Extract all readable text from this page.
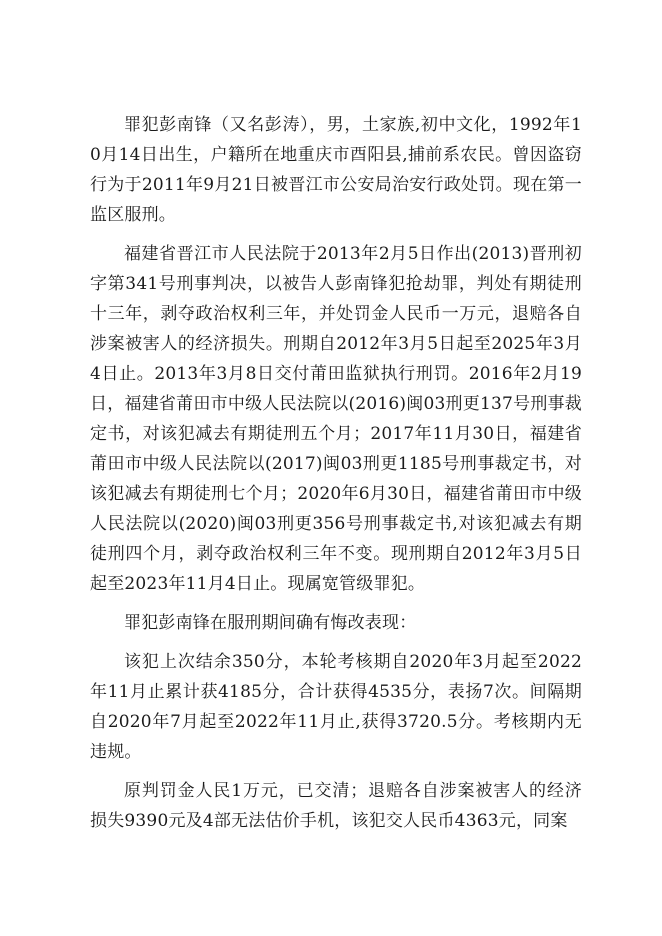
罪犯彭南锋（又名彭涛），男，土家族,初中文化，1992年10月14日出生，户籍所在地重庆市酉阳县,捕前系农民。曾因盗窃行为于2011年9月21日被晋江市公安局治安行政处罚。现在第一监区服刑。

福建省晋江市人民法院于2013年2月5日作出(2013)晋刑初字第341号刑事判决，以被告人彭南锋犯抢劫罪，判处有期徒刑十三年，剥夺政治权利三年，并处罚金人民币一万元，退赔各自涉案被害人的经济损失。刑期自2012年3月5日起至2025年3月4日止。2013年3月8日交付莆田监狱执行刑罚。2016年2月19日，福建省莆田市中级人民法院以(2016)闽03刑更137号刑事裁定书，对该犯减去有期徒刑五个月；2017年11月30日，福建省莆田市中级人民法院以(2017)闽03刑更1185号刑事裁定书，对该犯减去有期徒刑七个月；2020年6月30日，福建省莆田市中级人民法院以(2020)闽03刑更356号刑事裁定书,对该犯减去有期徒刑四个月，剥夺政治权利三年不变。现刑期自2012年3月5日起至2023年11月4日止。现属宽管级罪犯。

罪犯彭南锋在服刑期间确有悔改表现：

该犯上次结余350分，本轮考核期自2020年3月起至2022年11月止累计获4185分，合计获得4535分，表扬7次。间隔期自2020年7月起至2022年11月止,获得3720.5分。考核期内无违规。

原判罚金人民1万元，已交清；退赔各自涉案被害人的经济损失9390元及4部无法估价手机，该犯交人民币4363元，同案
